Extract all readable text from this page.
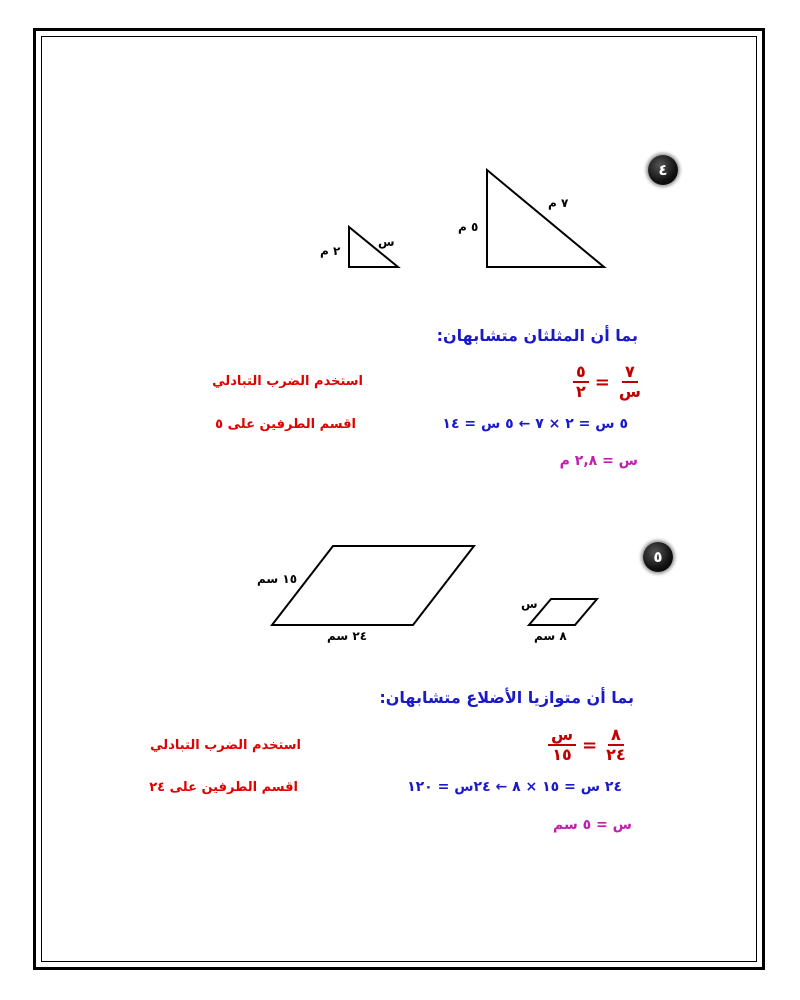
٤
٥ م
٧ م
٢ م
س
بما أن المثلثان متشابهان:
٥
٢ = ٧
س
استخدم الضرب التبادلي
٥ س = ٢ × ٧ ← ٥ س = ١٤
اقسم الطرفين على ٥
س = ٢,٨ م
٥
١٥ سم
٢٤ سم
س
٨ سم
بما أن متوازيا الأضلاع متشابهان:
س
١٥ = ٨
٢٤
استخدم الضرب التبادلي
٢٤ س = ١٥ × ٨ ← ٢٤س = ١٢٠
اقسم الطرفين على ٢٤
س = ٥ سم
